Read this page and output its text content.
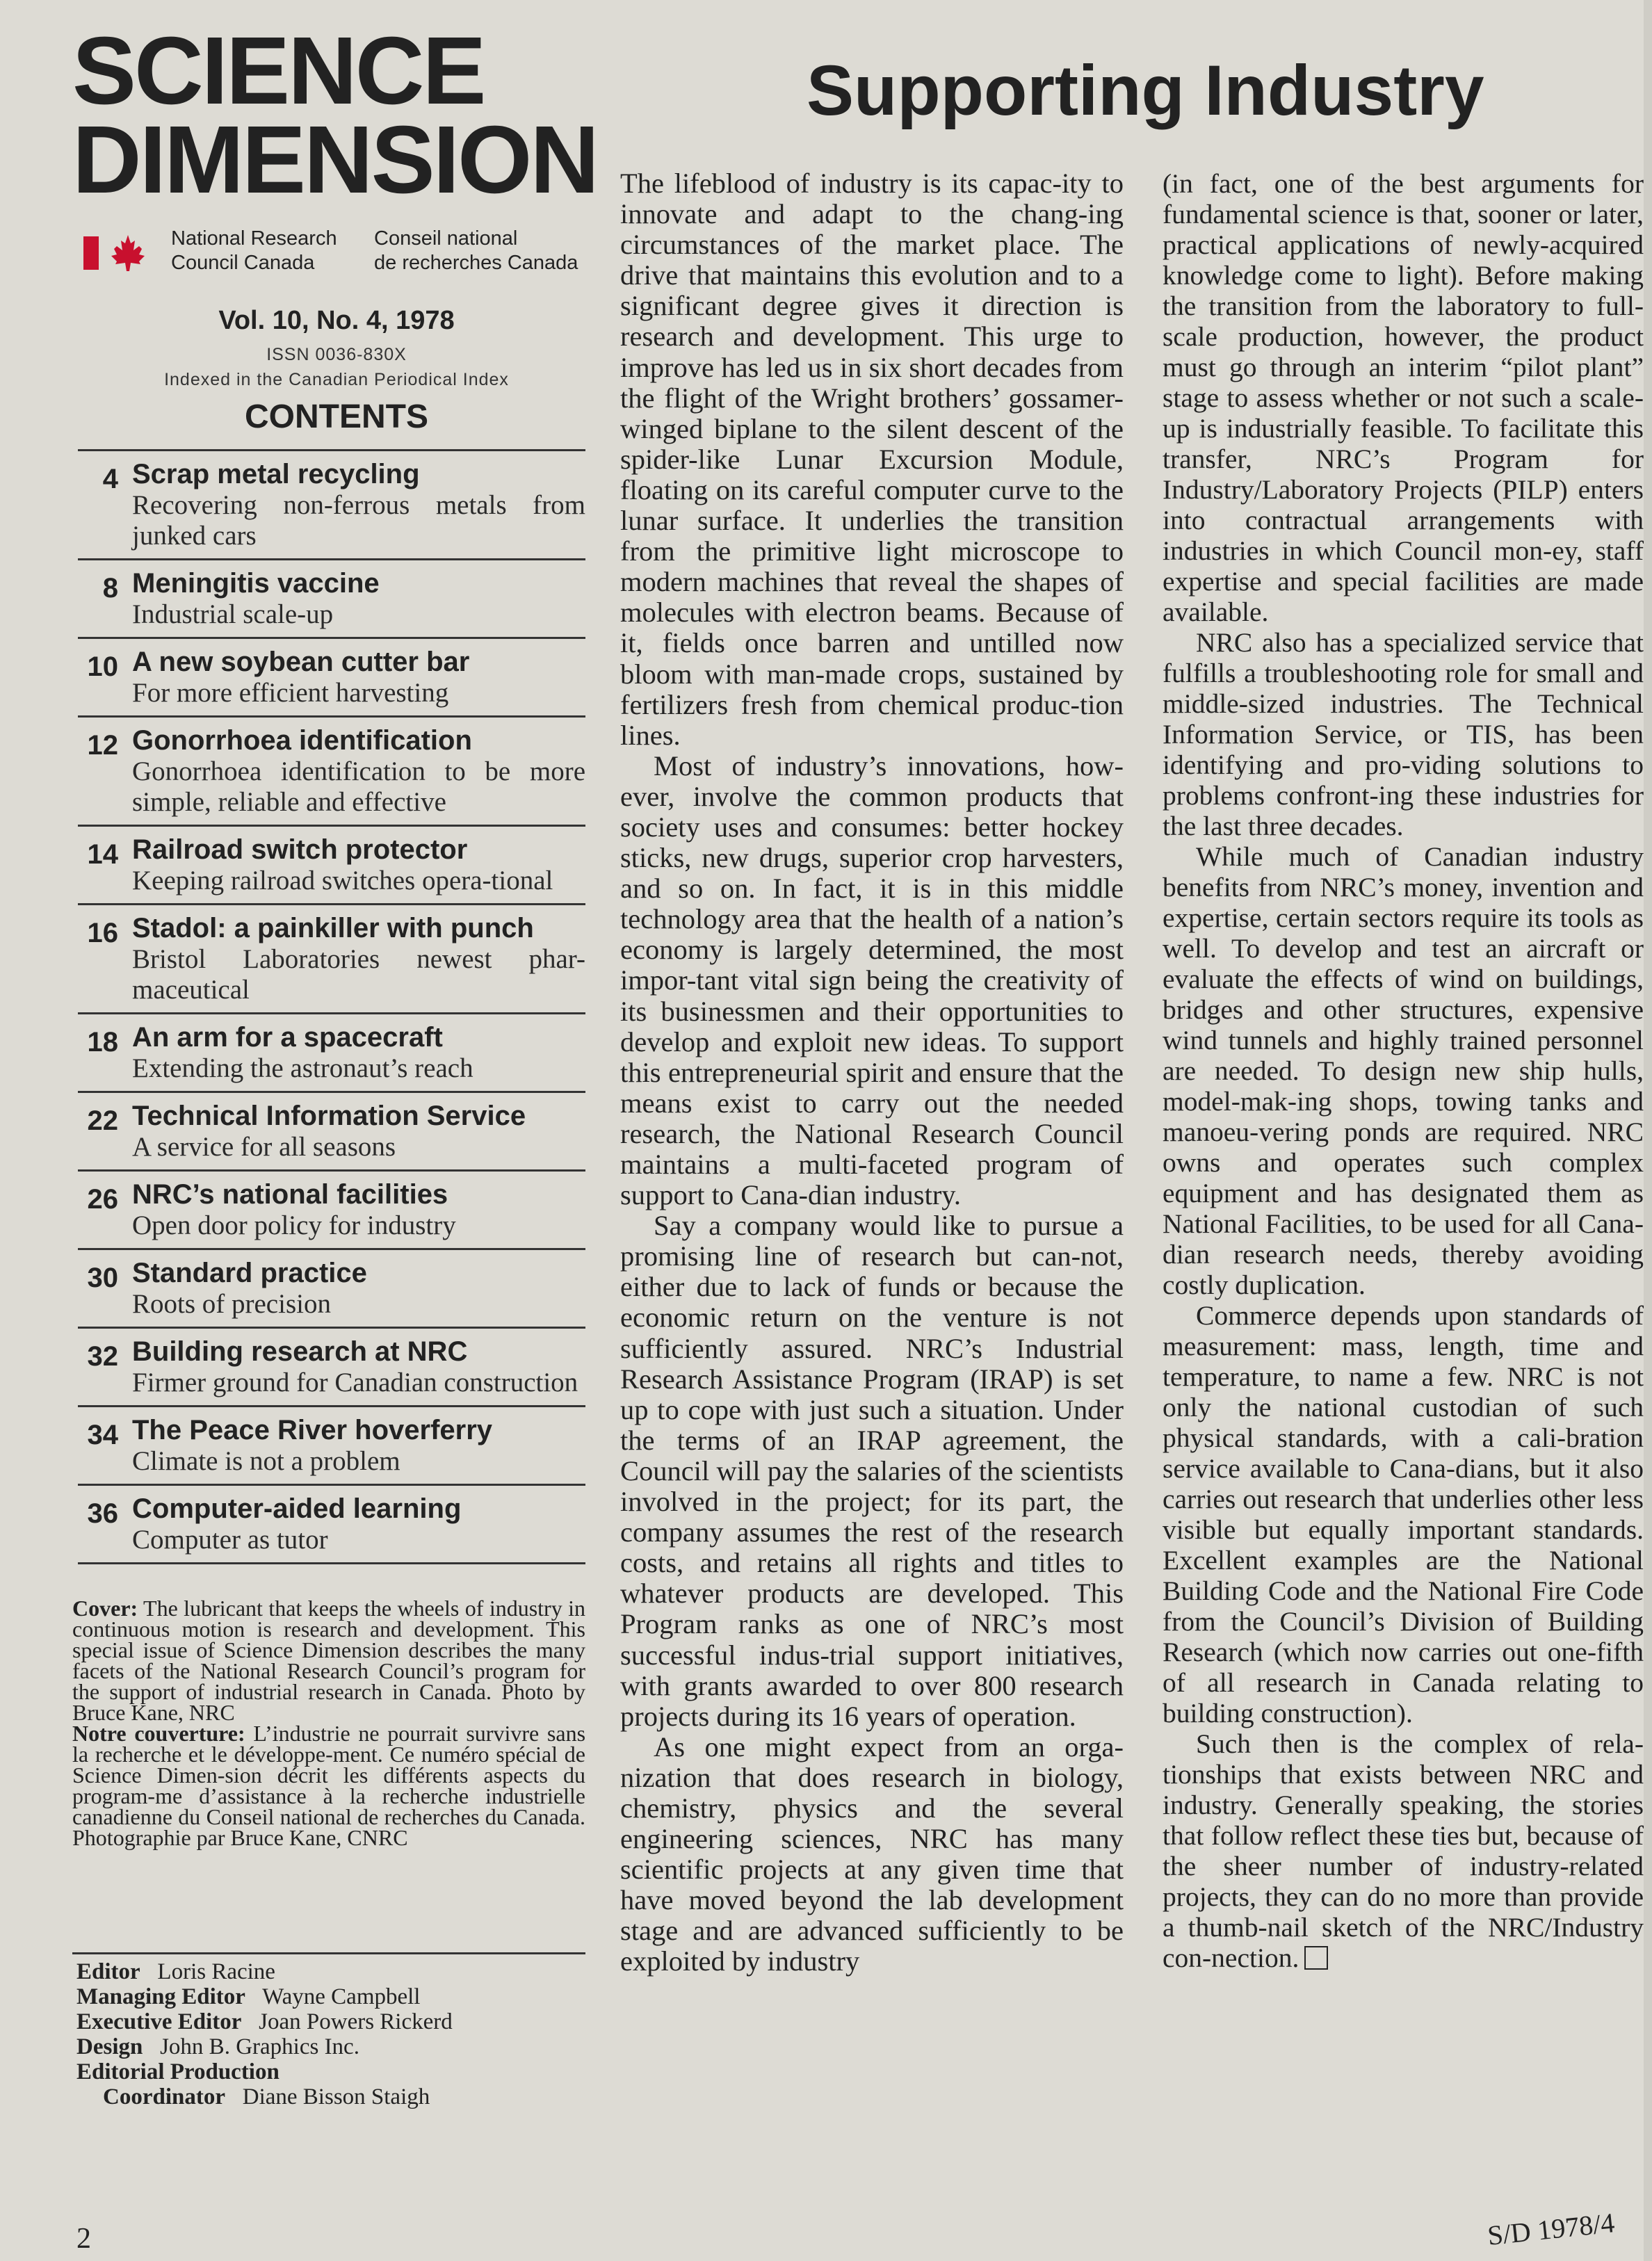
SCIENCE
DIMENSION
National Research
Council Canada
Conseil national
de recherches Canada
Vol. 10, No. 4, 1978
ISSN 0036-830X
Indexed in the Canadian Periodical Index
CONTENTS
4 Scrap metal recycling
Recovering non-ferrous metals from junked cars
8 Meningitis vaccine
Industrial scale-up
10 A new soybean cutter bar
For more efficient harvesting
12 Gonorrhoea identification
Gonorrhoea identification to be more simple, reliable and effective
14 Railroad switch protector
Keeping railroad switches opera-tional
16 Stadol: a painkiller with punch
Bristol Laboratories newest phar-maceutical
18 An arm for a spacecraft
Extending the astronaut’s reach
22 Technical Information Service
A service for all seasons
26 NRC’s national facilities
Open door policy for industry
30 Standard practice
Roots of precision
32 Building research at NRC
Firmer ground for Canadian construction
34 The Peace River hoverferry
Climate is not a problem
36 Computer-aided learning
Computer as tutor

Cover: The lubricant that keeps the wheels of industry in continuous motion is research and development. This special issue of Science Dimension describes the many facets of the National Research Council’s program for the support of industrial research in Canada. Photo by Bruce Kane, NRC

Notre couverture: L’industrie ne pourrait survivre sans la recherche et le développe-ment. Ce numéro spécial de Science Dimen-sion décrit les différents aspects du program-me d’assistance à la recherche industrielle canadienne du Conseil national de recherches du Canada. Photographie par Bruce Kane, CNRC

Editor Loris Racine
Managing Editor Wayne Campbell
Executive Editor Joan Powers Rickerd
Design John B. Graphics Inc.
Editorial Production
Coordinator Diane Bisson Staigh
2	S/D 1978/4
Supporting Industry

The lifeblood of industry is its capac-ity to innovate and adapt to the chang-ing circumstances of the market place. The drive that maintains this evolution and to a significant degree gives it direction is research and development. This urge to improve has led us in six short decades from the flight of the Wright brothers’ gossamer-winged biplane to the silent descent of the spider-like Lunar Excursion Module, floating on its careful computer curve to the lunar surface. It underlies the transition from the primitive light microscope to modern machines that reveal the shapes of molecules with electron beams. Because of it, fields once barren and untilled now bloom with man-made crops, sustained by fertilizers fresh from chemical produc-tion lines.

Most of industry’s innovations, how-ever, involve the common products that society uses and consumes: better hockey sticks, new drugs, superior crop harvesters, and so on. In fact, it is in this middle technology area that the health of a nation’s economy is largely determined, the most impor-tant vital sign being the creativity of its businessmen and their opportunities to develop and exploit new ideas. To support this entrepreneurial spirit and ensure that the means exist to carry out the needed research, the National Research Council maintains a multi-faceted program of support to Cana-dian industry.

Say a company would like to pursue a promising line of research but can-not, either due to lack of funds or because the economic return on the venture is not sufficiently assured. NRC’s Industrial Research Assistance Program (IRAP) is set up to cope with just such a situation. Under the terms of an IRAP agreement, the Council will pay the salaries of the scientists involved in the project; for its part, the company assumes the rest of the research costs, and retains all rights and titles to whatever products are developed. This Program ranks as one of NRC’s most successful indus-trial support initiatives, with grants awarded to over 800 research projects during its 16 years of operation.

As one might expect from an orga-nization that does research in biology, chemistry, physics and the several engineering sciences, NRC has many scientific projects at any given time that have moved beyond the lab development stage and are advanced sufficiently to be exploited by industry

(in fact, one of the best arguments for fundamental science is that, sooner or later, practical applications of newly-acquired knowledge come to light). Before making the transition from the laboratory to full-scale production, however, the product must go through an interim “pilot plant” stage to assess whether or not such a scale-up is industrially feasible. To facilitate this transfer, NRC’s Program for Industry/Laboratory Projects (PILP) enters into contractual arrangements with industries in which Council mon-ey, staff expertise and special facilities are made available.

NRC also has a specialized service that fulfills a troubleshooting role for small and middle-sized industries. The Technical Information Service, or TIS, has been identifying and pro-viding solutions to problems confront-ing these industries for the last three decades.

While much of Canadian industry benefits from NRC’s money, invention and expertise, certain sectors require its tools as well. To develop and test an aircraft or evaluate the effects of wind on buildings, bridges and other structures, expensive wind tunnels and highly trained personnel are needed. To design new ship hulls, model-mak-ing shops, towing tanks and manoeu-vering ponds are required. NRC owns and operates such complex equipment and has designated them as National Facilities, to be used for all Cana-dian research needs, thereby avoiding costly duplication.

Commerce depends upon standards of measurement: mass, length, time and temperature, to name a few. NRC is not only the national custodian of such physical standards, with a cali-bration service available to Cana-dians, but it also carries out research that underlies other less visible but equally important standards. Excellent examples are the National Building Code and the National Fire Code from the Council’s Division of Building Research (which now carries out one-fifth of all research in Canada relating to building construction).

Such then is the complex of rela-tionships that exists between NRC and industry. Generally speaking, the stories that follow reflect these ties but, because of the sheer number of industry-related projects, they can do no more than provide a thumb-nail sketch of the NRC/Industry con-nection.
